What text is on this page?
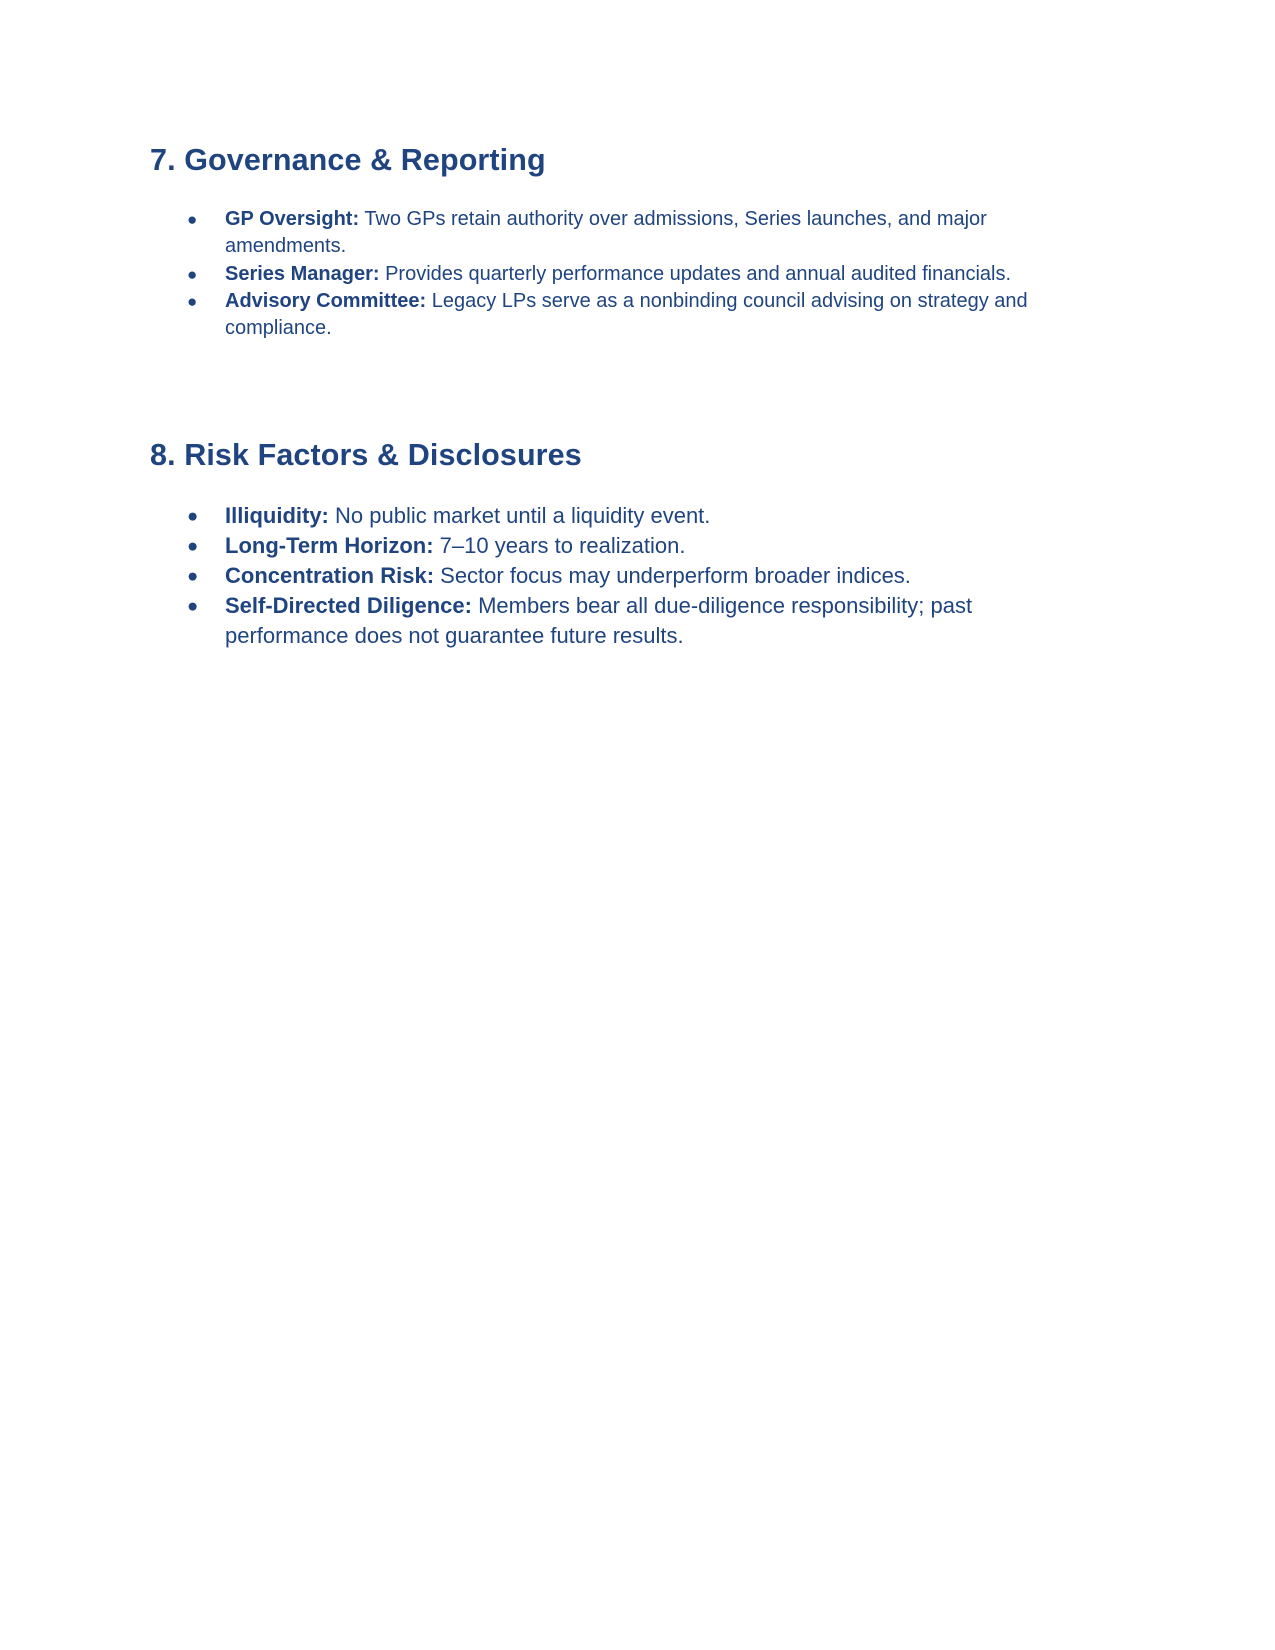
7. Governance & Reporting
● GP Oversight: Two GPs retain authority over admissions, Series launches, and major amendments.
● Series Manager: Provides quarterly performance updates and annual audited financials.
● Advisory Committee: Legacy LPs serve as a nonbinding council advising on strategy and compliance.
8. Risk Factors & Disclosures
● Illiquidity: No public market until a liquidity event.
● Long‑Term Horizon: 7–10 years to realization.
● Concentration Risk: Sector focus may underperform broader indices.
● Self‑Directed Diligence: Members bear all due-diligence responsibility; past performance does not guarantee future results.
